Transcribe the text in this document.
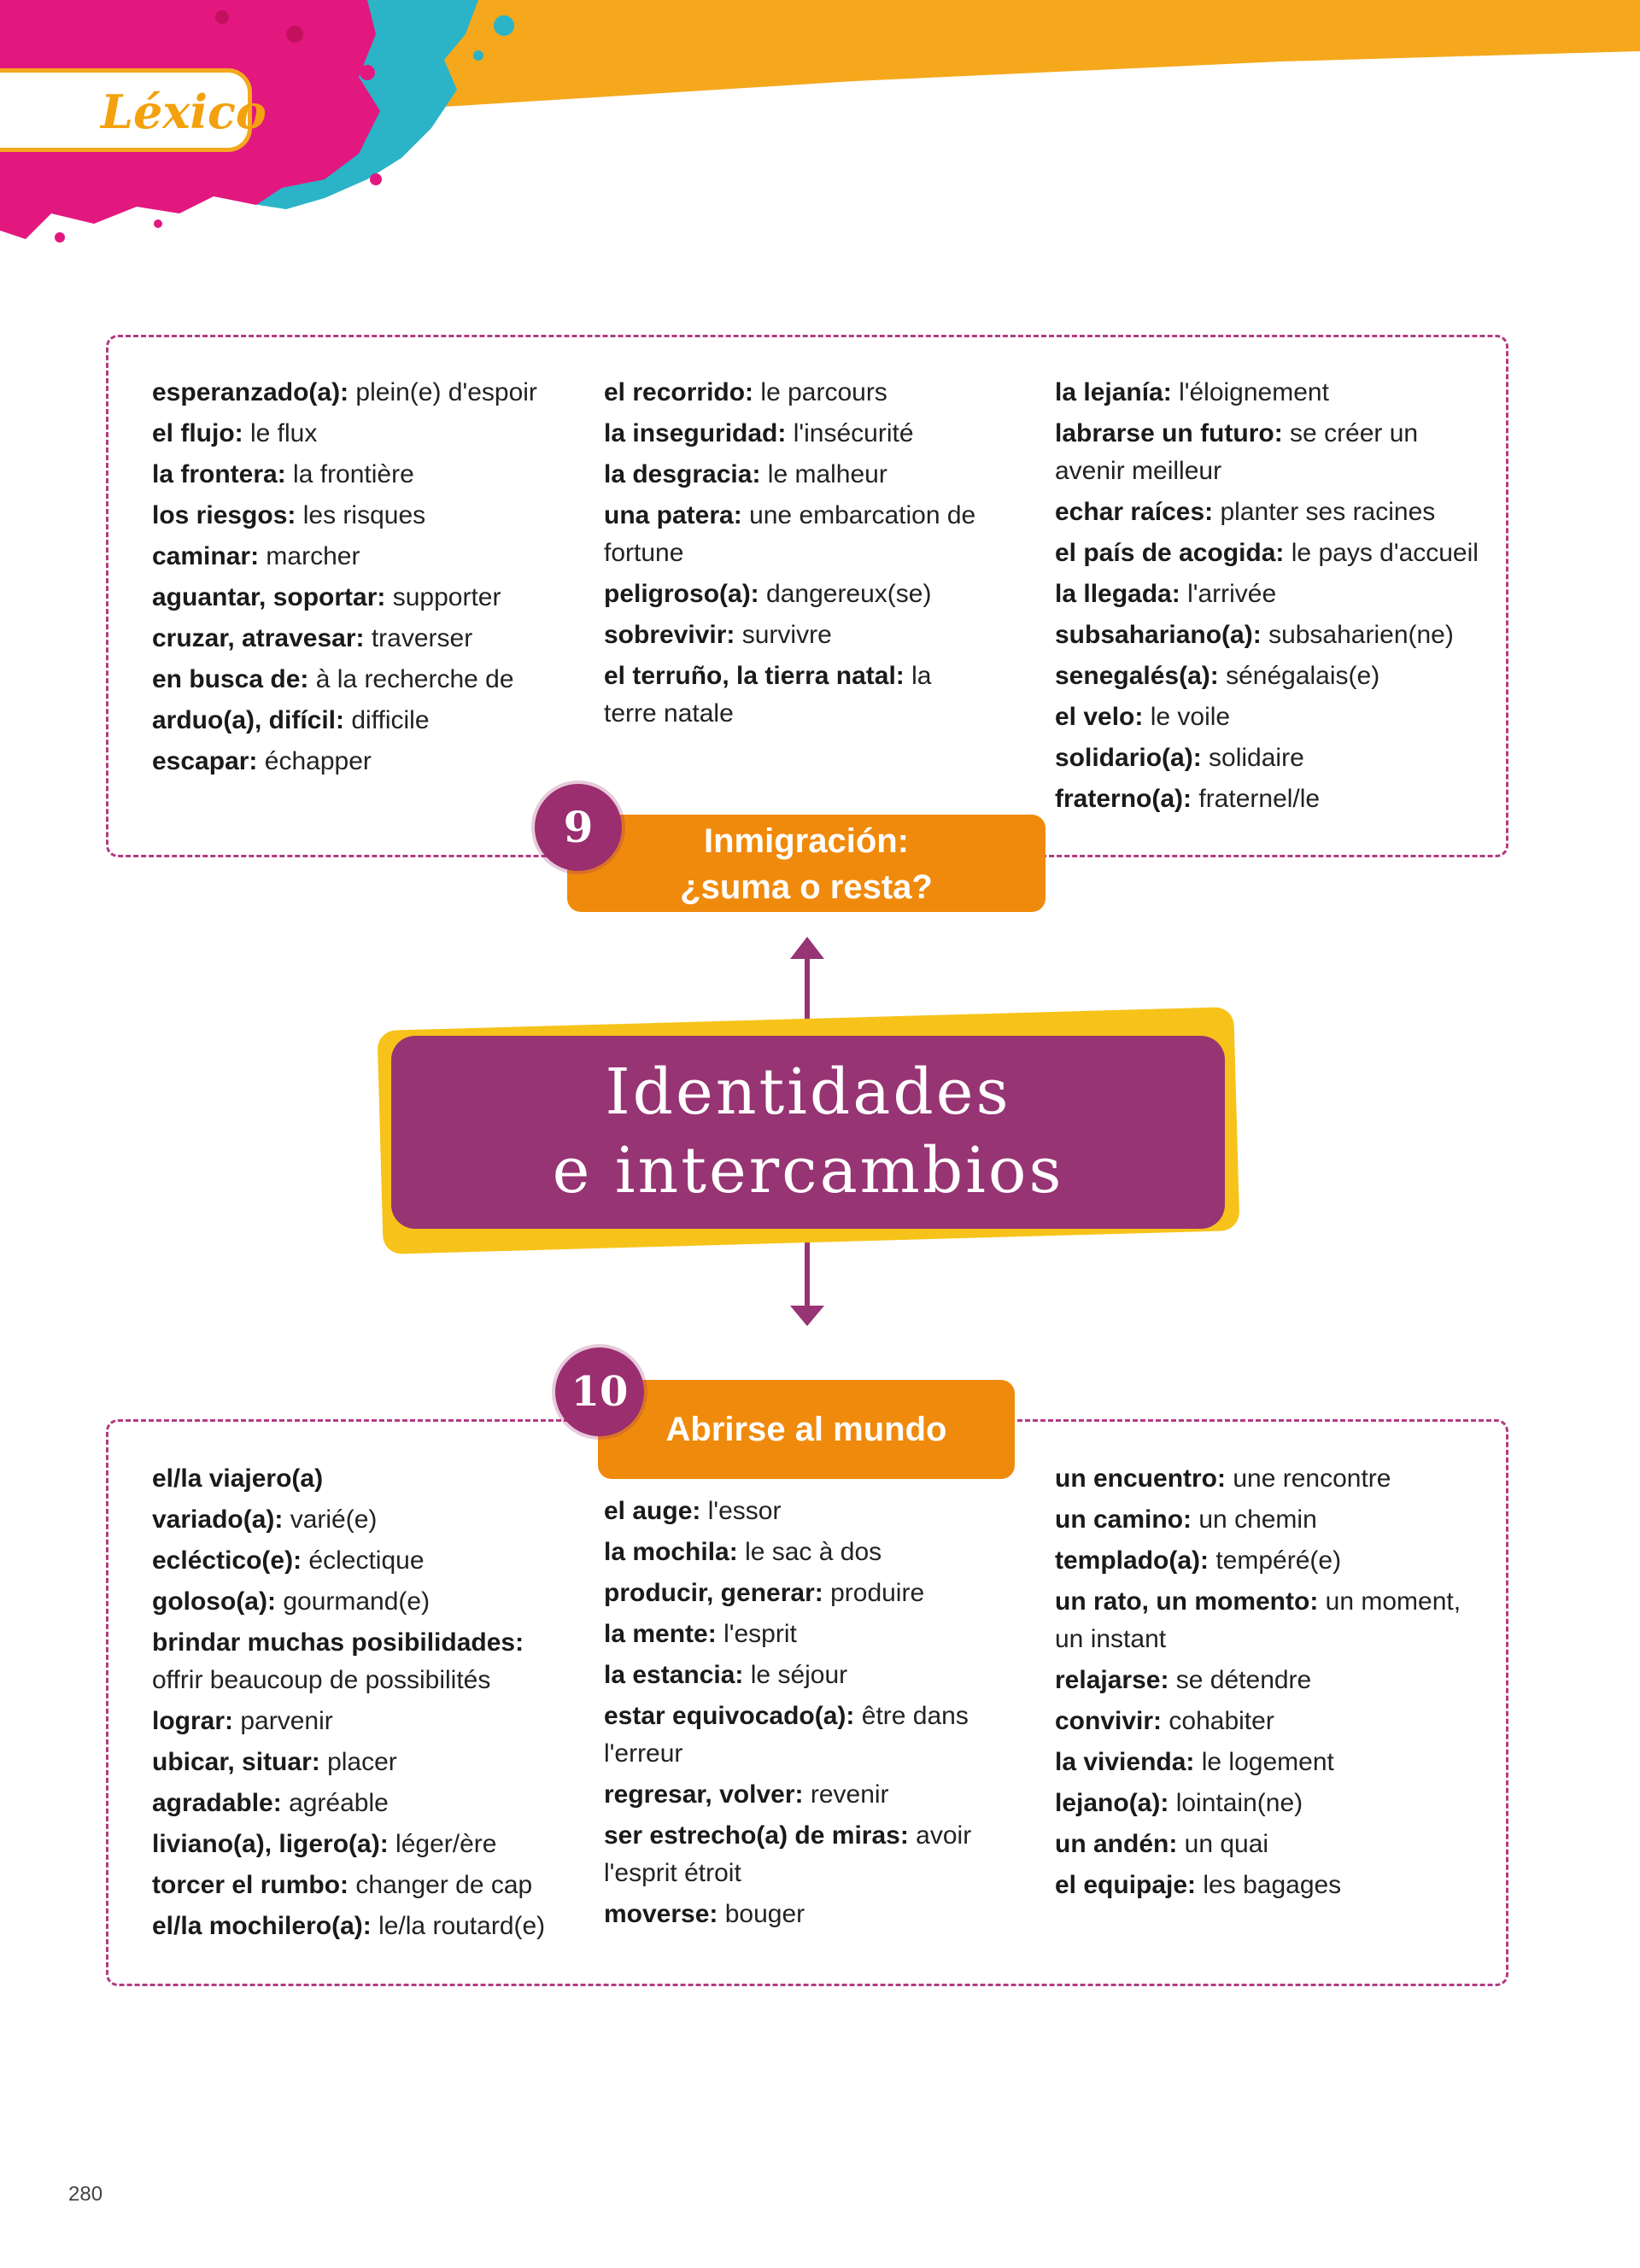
Léxico
esperanzado(a): plein(e) d'espoir
el flujo: le flux
la frontera: la frontière
los riesgos: les risques
caminar: marcher
aguantar, soportar: supporter
cruzar, atravesar: traverser
en busca de: à la recherche de
arduo(a), difícil: difficile
escapar: échapper
el recorrido: le parcours
la inseguridad: l'insécurité
la desgracia: le malheur
una patera: une embarcation de fortune
peligroso(a): dangereux(se)
sobrevivir: survivre
el terruño, la tierra natal: la terre natale
la lejanía: l'éloignement
labrarse un futuro: se créer un avenir meilleur
echar raíces: planter ses racines
el país de acogida: le pays d'accueil
la llegada: l'arrivée
subsahariano(a): subsaharien(ne)
senegalés(a): sénégalais(e)
el velo: le voile
solidario(a): solidaire
fraterno(a): fraternel/le
Inmigración:
¿suma o resta?
9
Identidades
e intercambios
el/la viajero(a)
variado(a): varié(e)
ecléctico(e): éclectique
goloso(a): gourmand(e)
brindar muchas posibilidades: offrir beaucoup de possibilités
lograr: parvenir
ubicar, situar: placer
agradable: agréable
liviano(a), ligero(a): léger/ère
torcer el rumbo: changer de cap
el/la mochilero(a): le/la routard(e)
el auge: l'essor
la mochila: le sac à dos
producir, generar: produire
la mente: l'esprit
la estancia: le séjour
estar equivocado(a): être dans l'erreur
regresar, volver: revenir
ser estrecho(a) de miras: avoir l'esprit étroit
moverse: bouger
un encuentro: une rencontre
un camino: un chemin
templado(a): tempéré(e)
un rato, un momento: un moment, un instant
relajarse: se détendre
convivir: cohabiter
la vivienda: le logement
lejano(a): lointain(ne)
un andén: un quai
el equipaje: les bagages
Abrirse al mundo
10
280
